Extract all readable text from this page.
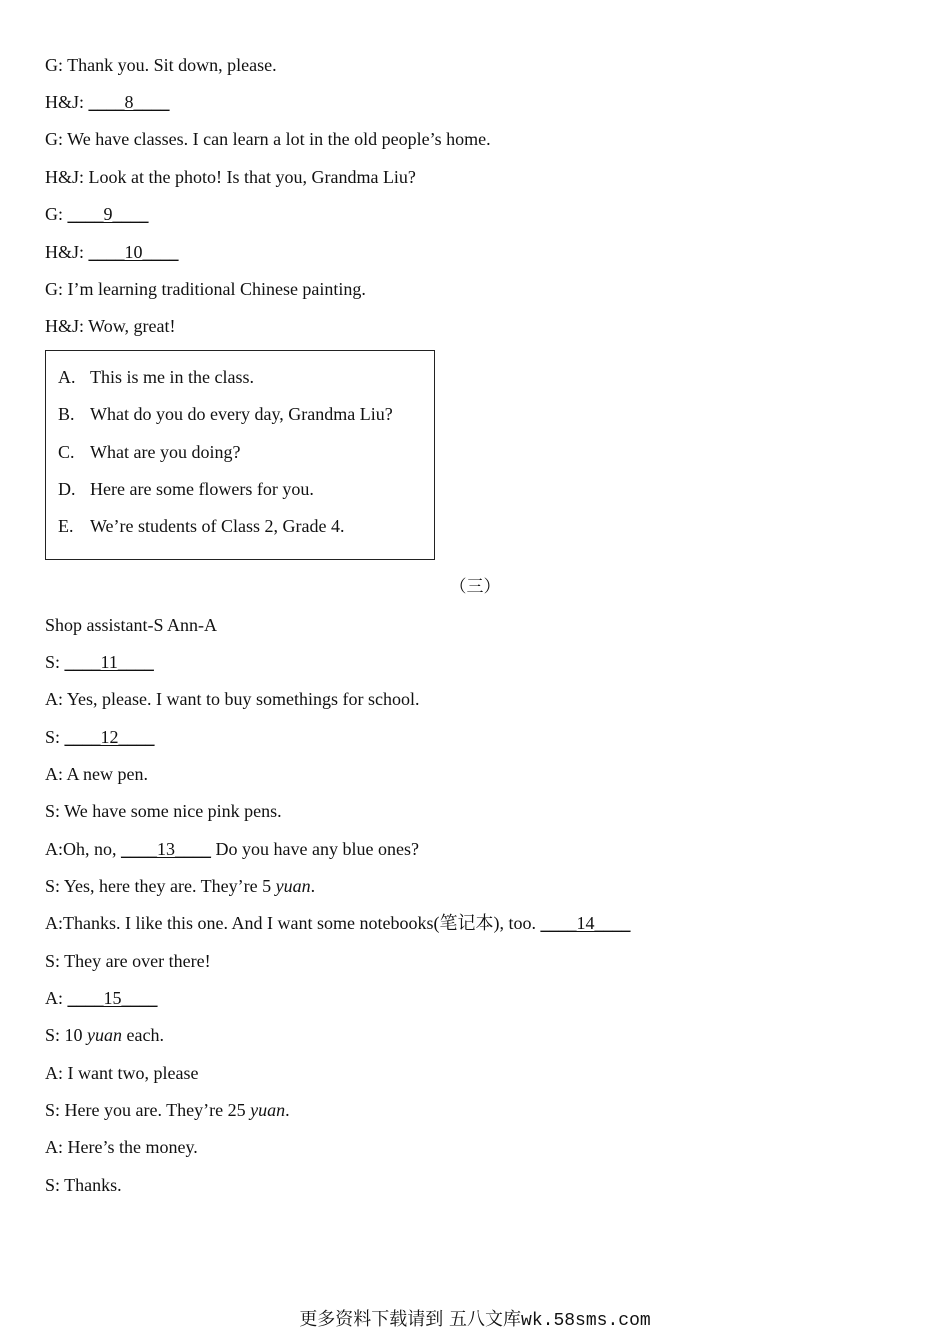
G: Thank you. Sit down, please.
H&J: ____8____
G: We have classes. I can learn a lot in the old people’s home.
H&J: Look at the photo! Is that you, Grandma Liu?
G: ____9____
H&J: ____10____
G: I’m learning traditional Chinese painting.
H&J: Wow, great!
A. This is me in the class.
B. What do you do every day, Grandma Liu?
C. What are you doing?
D. Here are some flowers for you.
E. We’re students of Class 2, Grade 4.
（三）
Shop assistant-S Ann-A
S: ____11____
A: Yes, please. I want to buy somethings for school.
S: ____12____
A: A new pen.
S: We have some nice pink pens.
A:Oh, no, ____13____ Do you have any blue ones?
S: Yes, here they are. They’re 5 yuan.
A:Thanks. I like this one. And I want some notebooks(笔记本), too. ____14____
S: They are over there!
A: ____15____
S: 10 yuan each.
A: I want two, please
S: Here you are. They’re 25 yuan.
A: Here’s the money.
S: Thanks.
更多资料下载请到 五八文库wk.58sms.com
